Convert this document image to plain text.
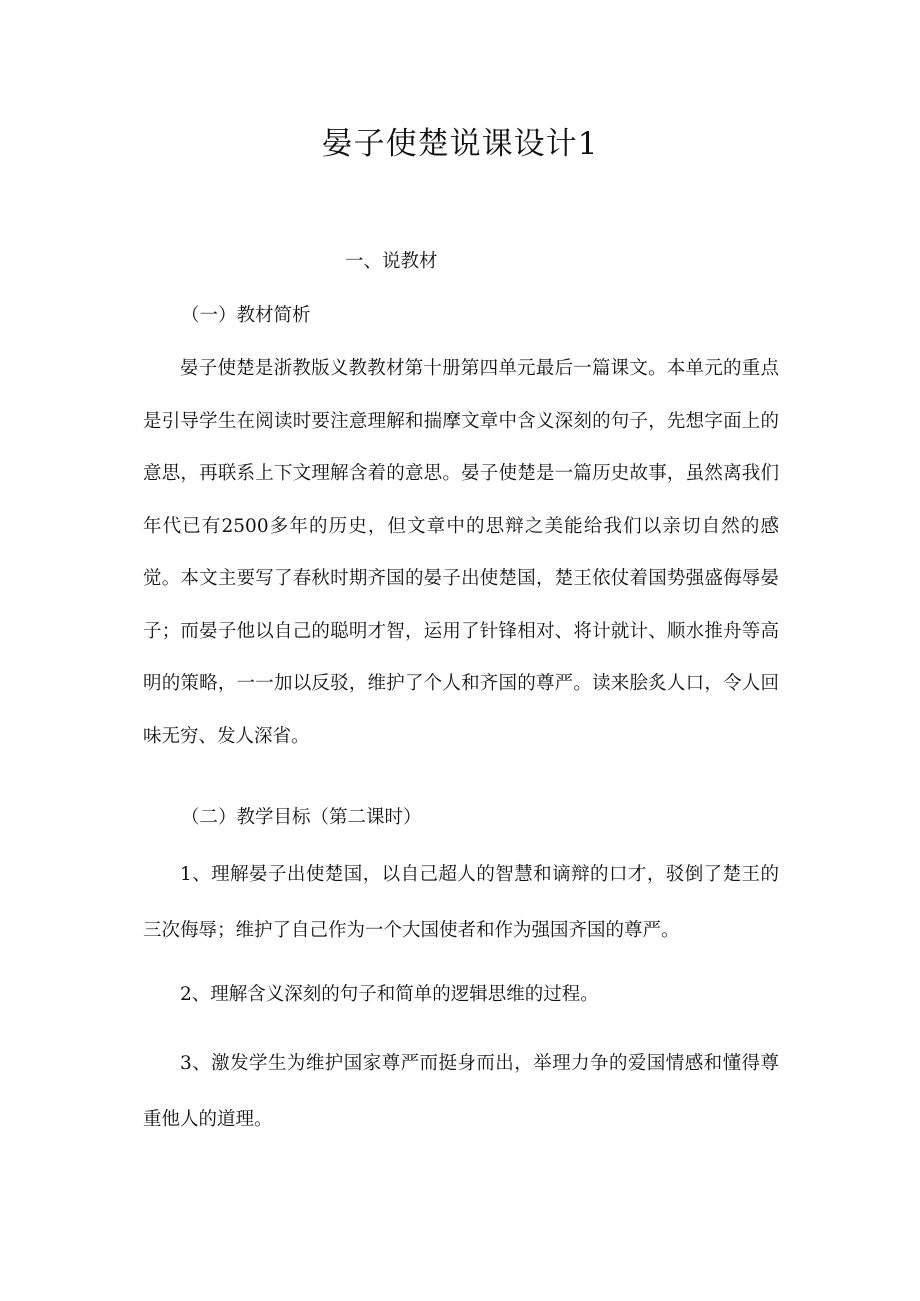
晏子使楚说课设计1

一、说教材

（一）教材简析

晏子使楚是浙教版义教教材第十册第四单元最后一篇课文。本单元的重点是引导学生在阅读时要注意理解和揣摩文章中含义深刻的句子，先想字面上的意思，再联系上下文理解含着的意思。晏子使楚是一篇历史故事，虽然离我们年代已有2500多年的历史，但文章中的思辩之美能给我们以亲切自然的感觉。本文主要写了春秋时期齐国的晏子出使楚国，楚王依仗着国势强盛侮辱晏子；而晏子他以自己的聪明才智，运用了针锋相对、将计就计、顺水推舟等高明的策略，一一加以反驳，维护了个人和齐国的尊严。读来脍炙人口，令人回味无穷、发人深省。

（二）教学目标（第二课时）

1、理解晏子出使楚国，以自己超人的智慧和谪辩的口才，驳倒了楚王的三次侮辱；维护了自己作为一个大国使者和作为强国齐国的尊严。

2、理解含义深刻的句子和简单的逻辑思维的过程。

3、激发学生为维护国家尊严而挺身而出，举理力争的爱国情感和懂得尊重他人的道理。
